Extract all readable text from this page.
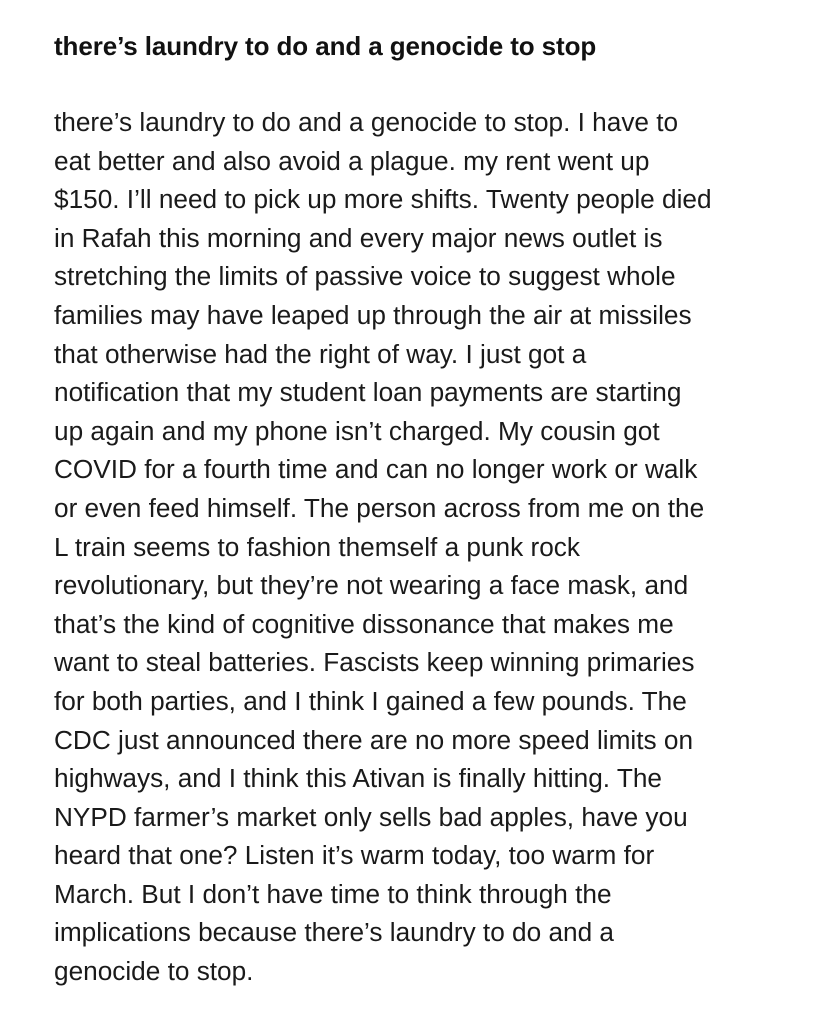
there’s laundry to do and a genocide to stop
there’s laundry to do and a genocide to stop. I have to
eat better and also avoid a plague. my rent went up
$150. I’ll need to pick up more shifts. Twenty people died
in Rafah this morning and every major news outlet is
stretching the limits of passive voice to suggest whole
families may have leaped up through the air at missiles
that otherwise had the right of way. I just got a
notification that my student loan payments are starting
up again and my phone isn’t charged. My cousin got
COVID for a fourth time and can no longer work or walk
or even feed himself. The person across from me on the
L train seems to fashion themself a punk rock
revolutionary, but they’re not wearing a face mask, and
that’s the kind of cognitive dissonance that makes me
want to steal batteries. Fascists keep winning primaries
for both parties, and I think I gained a few pounds. The
CDC just announced there are no more speed limits on
highways, and I think this Ativan is finally hitting. The
NYPD farmer’s market only sells bad apples, have you
heard that one? Listen it’s warm today, too warm for
March. But I don’t have time to think through the
implications because there’s laundry to do and a
genocide to stop.
